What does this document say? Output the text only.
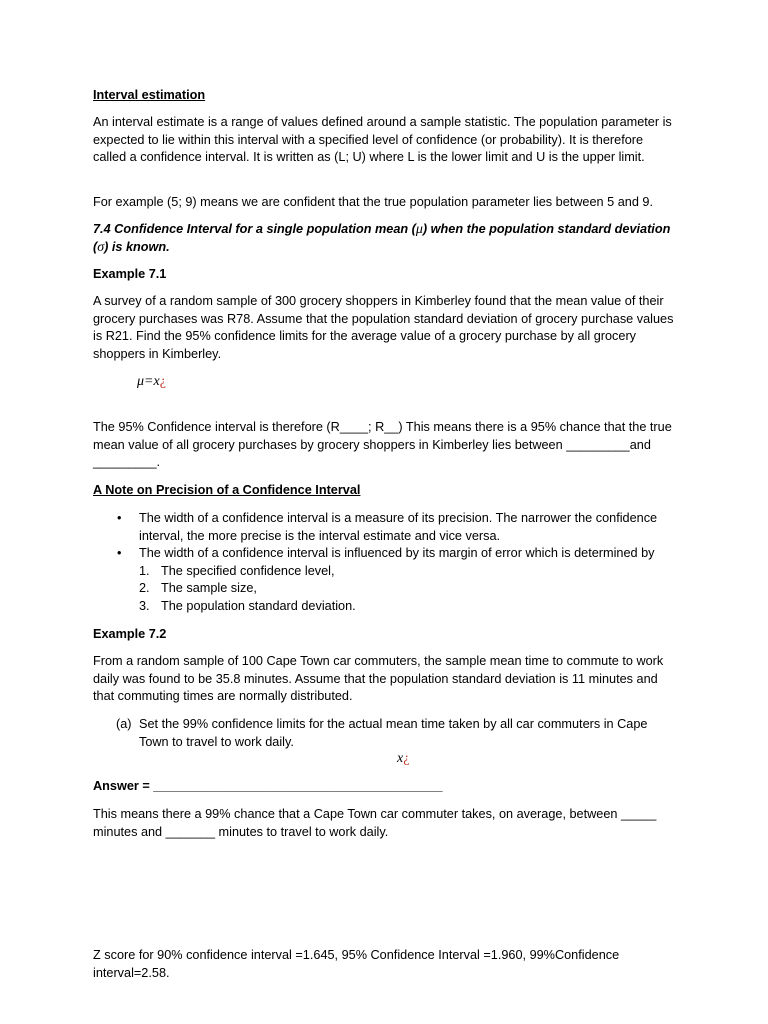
Interval estimation

An interval estimate is a range of values defined around a sample statistic. The population parameter is expected to lie within this interval with a specified level of confidence (or probability). It is therefore called a confidence interval. It is written as (L; U) where L is the lower limit and U is the upper limit.

For example (5; 9) means we are confident that the true population parameter lies between 5 and 9.

7.4 Confidence Interval for a single population mean (μ) when the population standard deviation (σ) is known.

Example 7.1

A survey of a random sample of 300 grocery shoppers in Kimberley found that the mean value of their grocery purchases was R78. Assume that the population standard deviation of grocery purchase values is R21. Find the 95% confidence limits for the average value of a grocery purchase by all grocery shoppers in Kimberley.

μ=x¿

The 95% Confidence interval is therefore (R____; R__) This means there is a 95% chance that the true mean value of all grocery purchases by grocery shoppers in Kimberley lies between _________and _________.

A Note on Precision of a Confidence Interval

• The width of a confidence interval is a measure of its precision. The narrower the confidence interval, the more precise is the interval estimate and vice versa.
• The width of a confidence interval is influenced by its margin of error which is determined by
1. The specified confidence level,
2. The sample size,
3. The population standard deviation.

Example 7.2

From a random sample of 100 Cape Town car commuters, the sample mean time to commute to work daily was found to be 35.8 minutes. Assume that the population standard deviation is 11 minutes and that commuting times are normally distributed.

(a) Set the 99% confidence limits for the actual mean time taken by all car commuters in Cape Town to travel to work daily.

x¿

Answer = _________________________________________

This means there a 99% chance that a Cape Town car commuter takes, on average, between _____ minutes and _______ minutes to travel to work daily.

Z score for 90% confidence interval =1.645, 95% Confidence Interval =1.960, 99%Confidence interval=2.58.
